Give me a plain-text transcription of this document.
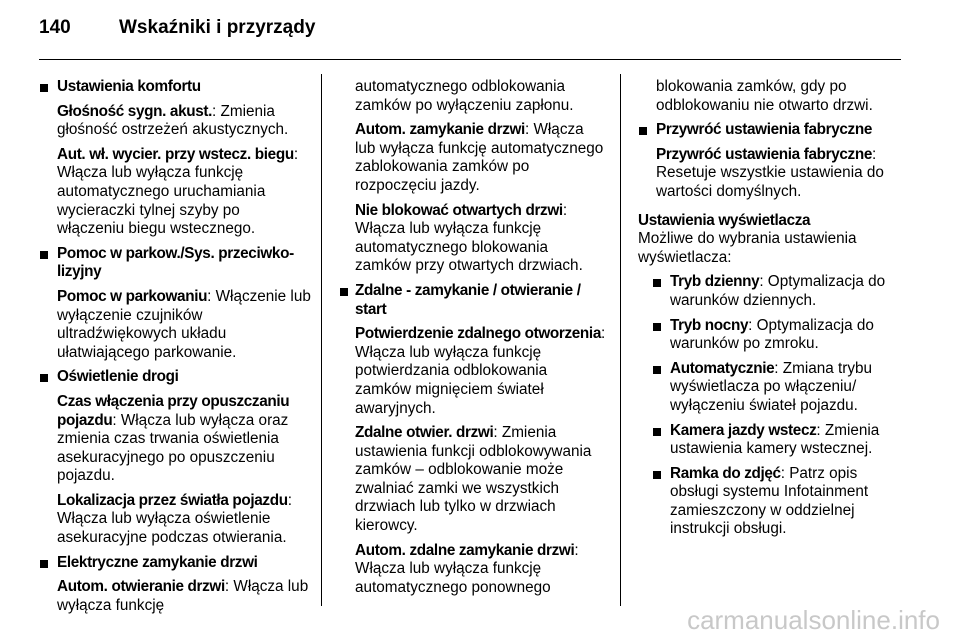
140	Wskaźniki i przyrządy
Ustawienia komfortu
Głośność sygn. akust.: Zmienia głośność ostrzeżeń akustycznych.
Aut. wł. wycier. przy wstecz. biegu: Włącza lub wyłącza funkcję automatycznego uruchamiania wycieraczki tylnej szyby po włączeniu biegu wstecznego.
Pomoc w parkow./Sys. przeciwkolizyjny
Pomoc w parkowaniu: Włączenie lub wyłączenie czujników ultradźwiękowych układu ułatwiającego parkowanie.
Oświetlenie drogi
Czas włączenia przy opuszczaniu pojazdu: Włącza lub wyłącza oraz zmienia czas trwania oświetlenia asekuracyjnego po opuszczeniu pojazdu.
Lokalizacja przez światła pojazdu: Włącza lub wyłącza oświetlenie asekuracyjne podczas otwierania.
Elektryczne zamykanie drzwi
Autom. otwieranie drzwi: Włącza lub wyłącza funkcję
automatycznego odblokowania zamków po wyłączeniu zapłonu.
Autom. zamykanie drzwi: Włącza lub wyłącza funkcję automatycznego zablokowania zamków po rozpoczęciu jazdy.
Nie blokować otwartych drzwi: Włącza lub wyłącza funkcję automatycznego blokowania zamków przy otwartych drzwiach.
Zdalne - zamykanie / otwieranie / start
Potwierdzenie zdalnego otworzenia: Włącza lub wyłącza funkcję potwierdzania odblokowania zamków mignięciem świateł awaryjnych.
Zdalne otwier. drzwi: Zmienia ustawienia funkcji odblokowywania zamków – odblokowanie może zwalniać zamki we wszystkich drzwiach lub tylko w drzwiach kierowcy.
Autom. zdalne zamykanie drzwi: Włącza lub wyłącza funkcję automatycznego ponownego
blokowania zamków, gdy po odblokowaniu nie otwarto drzwi.
Przywróć ustawienia fabryczne
Przywróć ustawienia fabryczne: Resetuje wszystkie ustawienia do wartości domyślnych.
Ustawienia wyświetlacza
Możliwe do wybrania ustawienia wyświetlacza:
Tryb dzienny: Optymalizacja do warunków dziennych.
Tryb nocny: Optymalizacja do warunków po zmroku.
Automatycznie: Zmiana trybu wyświetlacza po włączeniu/ wyłączeniu świateł pojazdu.
Kamera jazdy wstecz: Zmienia ustawienia kamery wstecznej.
Ramka do zdjęć: Patrz opis obsługi systemu Infotainment zamieszczony w oddzielnej instrukcji obsługi.
carmanualsonline.info
